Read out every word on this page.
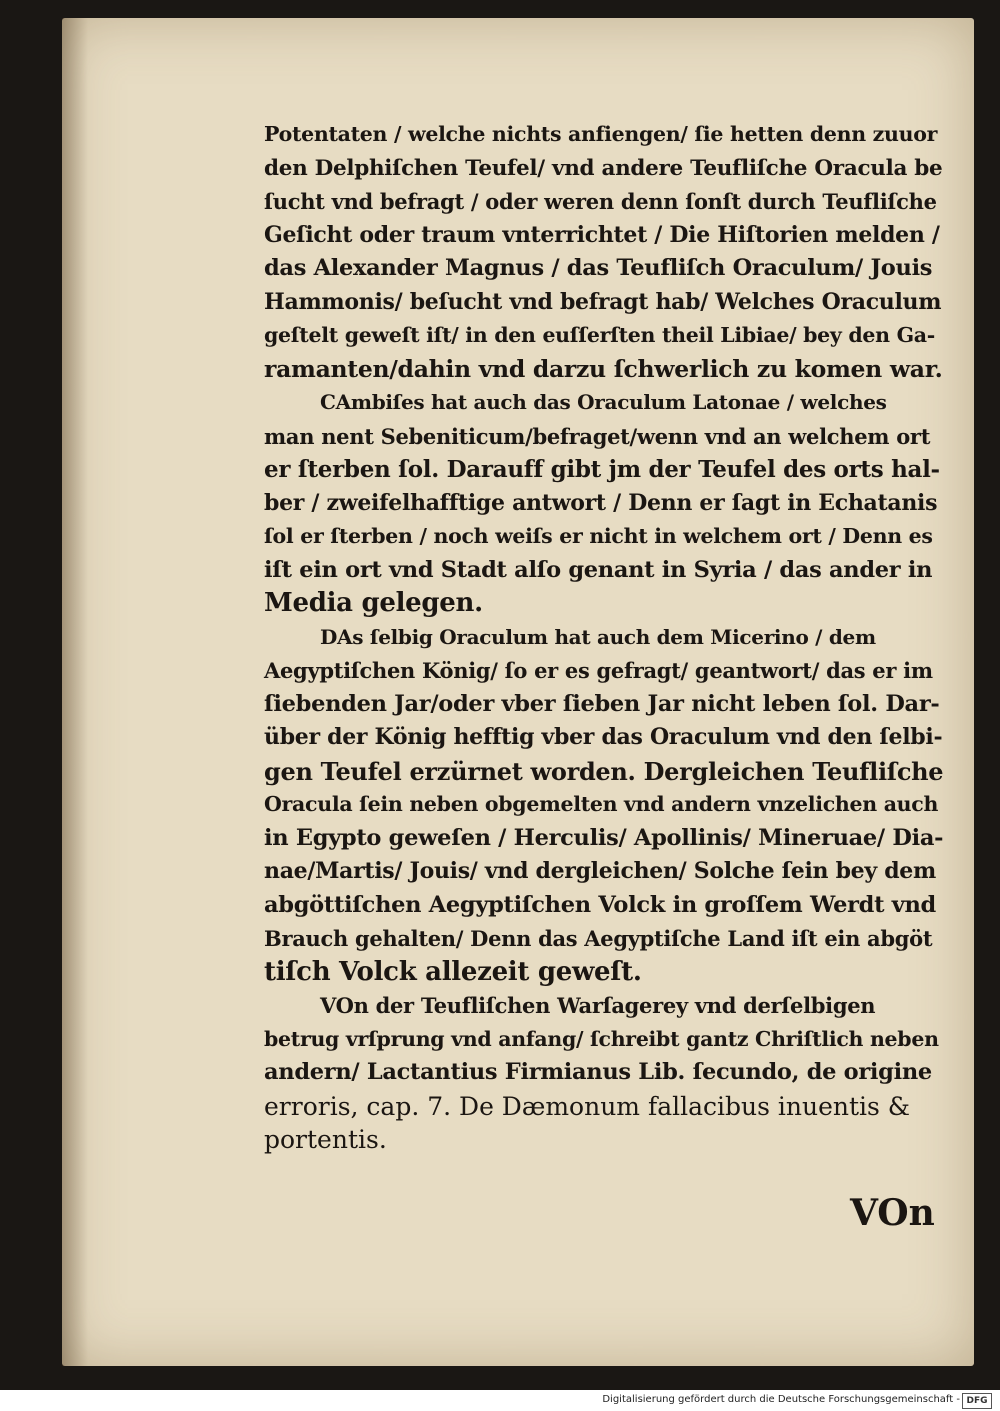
Potentaten / welche nichts anfiengen/ ſie hetten denn zuuor
den Delphiſchen Teufel/ vnd andere Teufliſche Oracula be
ſucht vnd befragt / oder weren denn ſonſt durch Teufliſche
Geſicht oder traum vnterrichtet / Die Hiſtorien melden /
das Alexander Magnus / das Teufliſch Oraculum/ Jouis
Hammonis/ beſucht vnd befragt hab/ Welches Oraculum
geſtelt geweſt iſt/ in den euſſerſten theil Libiae/ bey den Ga-
ramanten/dahin vnd darzu ſchwerlich zu komen war.
CAmbiſes hat auch das Oraculum Latonae / welches
man nent Sebeniticum/befraget/wenn vnd an welchem ort
er ſterben ſol. Darauff gibt jm der Teufel des orts hal-
ber / zweifelhafftige antwort / Denn er ſagt in Echatanis
ſol er ſterben / noch weiſs er nicht in welchem ort / Denn es
iſt ein ort vnd Stadt alſo genant in Syria / das ander in
Media gelegen.
DAs ſelbig Oraculum hat auch dem Micerino / dem
Aegyptiſchen König/ ſo er es gefragt/ geantwort/ das er im
ſiebenden Jar/oder vber ſieben Jar nicht leben ſol. Dar-
über der König hefftig vber das Oraculum vnd den ſelbi-
gen Teufel erzürnet worden. Dergleichen Teufliſche
Oracula ſein neben obgemelten vnd andern vnzelichen auch
in Egypto geweſen / Herculis/ Apollinis/ Mineruae/ Dia-
nae/Martis/ Jouis/ vnd dergleichen/ Solche ſein bey dem
abgöttiſchen Aegyptiſchen Volck in groſſem Werdt vnd
Brauch gehalten/ Denn das Aegyptiſche Land iſt ein abgöt
tiſch Volck allezeit geweſt.
VOn der Teufliſchen Warſagerey vnd derſelbigen
betrug vrſprung vnd anfang/ ſchreibt gantz Chriſtlich neben
andern/ Lactantius Firmianus Lib. ſecundo, de origine
erroris, cap. 7. De Dæmonum fallacibus inuentis &
portentis.
VOn
Digitalisierung gefördert durch die Deutsche Forschungsgemeinschaft - DFG
